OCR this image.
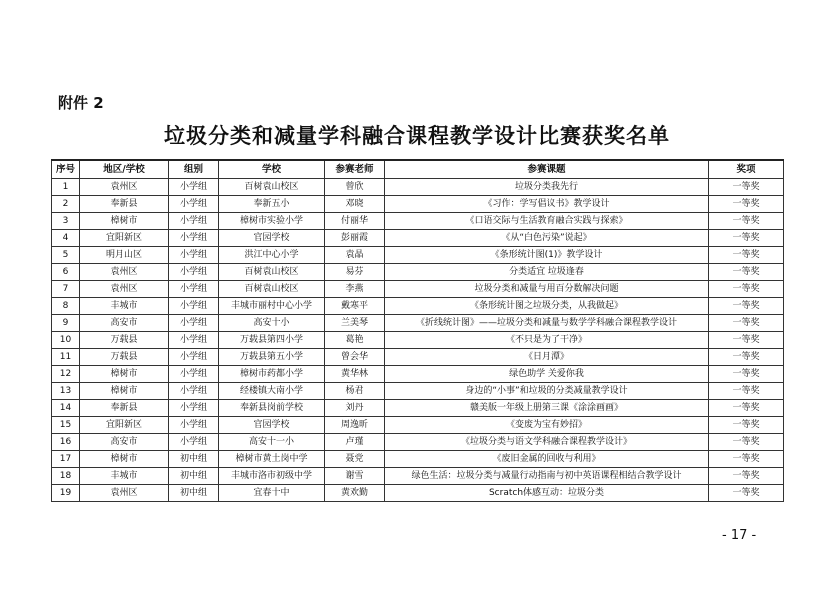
附件 2
垃圾分类和减量学科融合课程教学设计比赛获奖名单
序号	地区/学校	组别	学校	参赛老师	参赛课题	奖项
1	袁州区	小学组	百树袁山校区	曾欣	垃圾分类我先行	一等奖
2	奉新县	小学组	奉新五小	邓晓	《习作：学写倡议书》教学设计	一等奖
3	樟树市	小学组	樟树市实验小学	付丽华	《口语交际与生活教育融合实践与探索》	一等奖
4	宜阳新区	小学组	官园学校	彭丽霞	《从“白色污染”说起》	一等奖
5	明月山区	小学组	洪江中心小学	袁晶	《条形统计图(1)》教学设计	一等奖
6	袁州区	小学组	百树袁山校区	易芬	分类适宜 垃圾逢春	一等奖
7	袁州区	小学组	百树袁山校区	李燕	垃圾分类和减量与用百分数解决问题	一等奖
8	丰城市	小学组	丰城市丽村中心小学	戴寒平	《条形统计图之垃圾分类，从我做起》	一等奖
9	高安市	小学组	高安十小	兰美琴	《折线统计图》——垃圾分类和减量与数学学科融合课程教学设计	一等奖
10	万载县	小学组	万载县第四小学	葛艳	《不只是为了干净》	一等奖
11	万载县	小学组	万载县第五小学	曾会华	《日月潭》	一等奖
12	樟树市	小学组	樟树市药都小学	黄华林	绿色助学 关爱你我	一等奖
13	樟树市	小学组	经楼镇大南小学	杨君	身边的“小事”和垃圾的分类减量教学设计	一等奖
14	奉新县	小学组	奉新县岗前学校	刘丹	赣美版一年级上册第三课《涂涂画画》	一等奖
15	宜阳新区	小学组	官园学校	周逸昕	《变废为宝有妙招》	一等奖
16	高安市	小学组	高安十一小	卢瑾	《垃圾分类与语文学科融合课程教学设计》	一等奖
17	樟树市	初中组	樟树市黄土岗中学	聂党	《废旧金属的回收与利用》	一等奖
18	丰城市	初中组	丰城市洛市初级中学	谢雪	绿色生活：垃圾分类与减量行动指南与初中英语课程相结合教学设计	一等奖
19	袁州区	初中组	宜春十中	黄欢勤	Scratch体感互动：垃圾分类	一等奖
- 17 -
